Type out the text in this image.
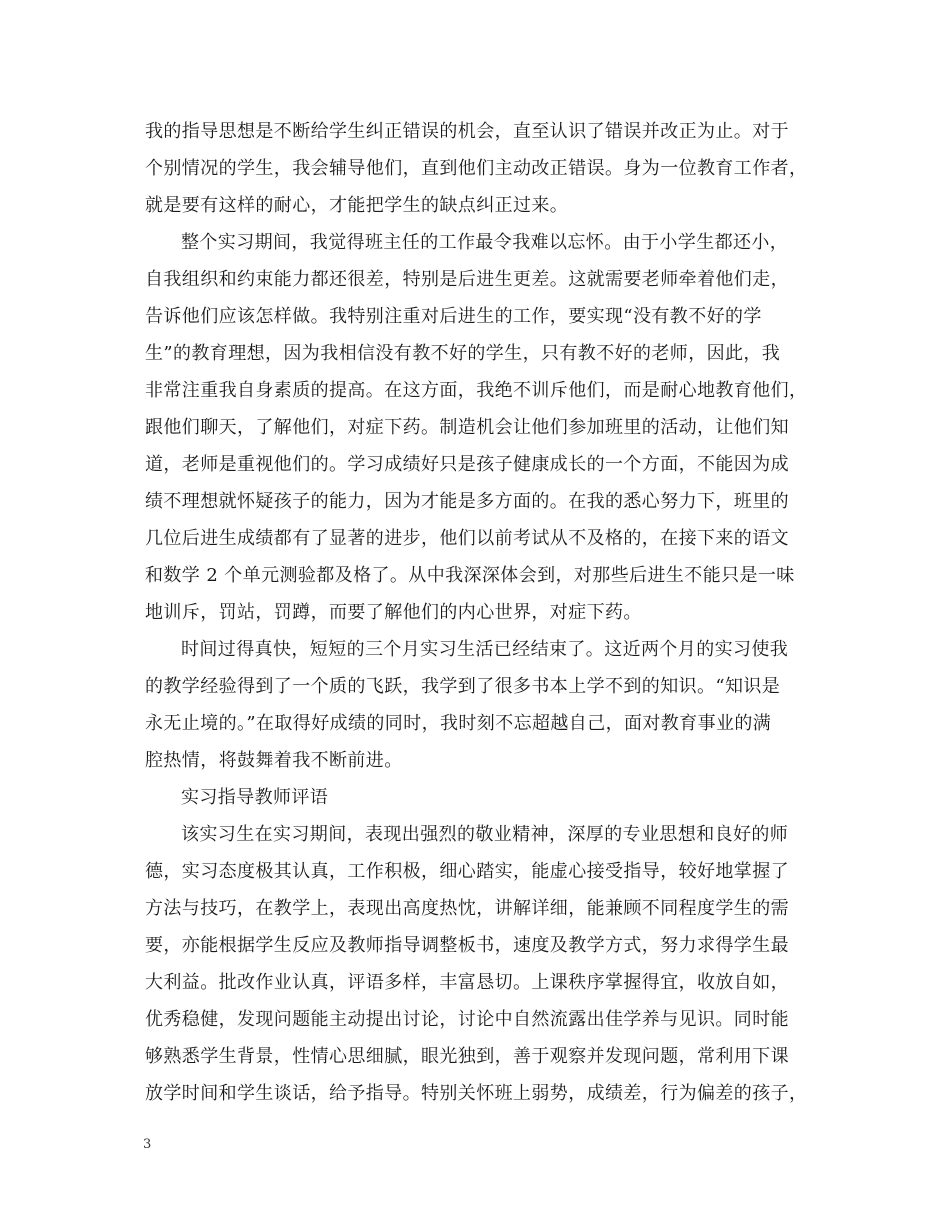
我的指导思想是不断给学生纠正错误的机会，直至认识了错误并改正为止。对于
个别情况的学生，我会辅导他们，直到他们主动改正错误。身为一位教育工作者，
就是要有这样的耐心，才能把学生的缺点纠正过来。
整个实习期间，我觉得班主任的工作最令我难以忘怀。由于小学生都还小，
自我组织和约束能力都还很差，特别是后进生更差。这就需要老师牵着他们走，
告诉他们应该怎样做。我特别注重对后进生的工作，要实现“没有教不好的学
生”的教育理想，因为我相信没有教不好的学生，只有教不好的老师，因此，我
非常注重我自身素质的提高。在这方面，我绝不训斥他们，而是耐心地教育他们，
跟他们聊天，了解他们，对症下药。制造机会让他们参加班里的活动，让他们知
道，老师是重视他们的。学习成绩好只是孩子健康成长的一个方面，不能因为成
绩不理想就怀疑孩子的能力，因为才能是多方面的。在我的悉心努力下，班里的
几位后进生成绩都有了显著的进步，他们以前考试从不及格的，在接下来的语文
和数学 2 个单元测验都及格了。从中我深深体会到，对那些后进生不能只是一味
地训斥，罚站，罚蹲，而要了解他们的内心世界，对症下药。
时间过得真快，短短的三个月实习生活已经结束了。这近两个月的实习使我
的教学经验得到了一个质的飞跃，我学到了很多书本上学不到的知识。“知识是
永无止境的。”在取得好成绩的同时，我时刻不忘超越自己，面对教育事业的满
腔热情，将鼓舞着我不断前进。
实习指导教师评语
该实习生在实习期间，表现出强烈的敬业精神，深厚的专业思想和良好的师
德，实习态度极其认真，工作积极，细心踏实，能虚心接受指导，较好地掌握了
方法与技巧，在教学上，表现出高度热忱，讲解详细，能兼顾不同程度学生的需
要，亦能根据学生反应及教师指导调整板书，速度及教学方式，努力求得学生最
大利益。批改作业认真，评语多样，丰富恳切。上课秩序掌握得宜，收放自如，
优秀稳健，发现问题能主动提出讨论，讨论中自然流露出佳学养与见识。同时能
够熟悉学生背景，性情心思细腻，眼光独到，善于观察并发现问题，常利用下课
放学时间和学生谈话，给予指导。特别关怀班上弱势，成绩差，行为偏差的孩子，
3
